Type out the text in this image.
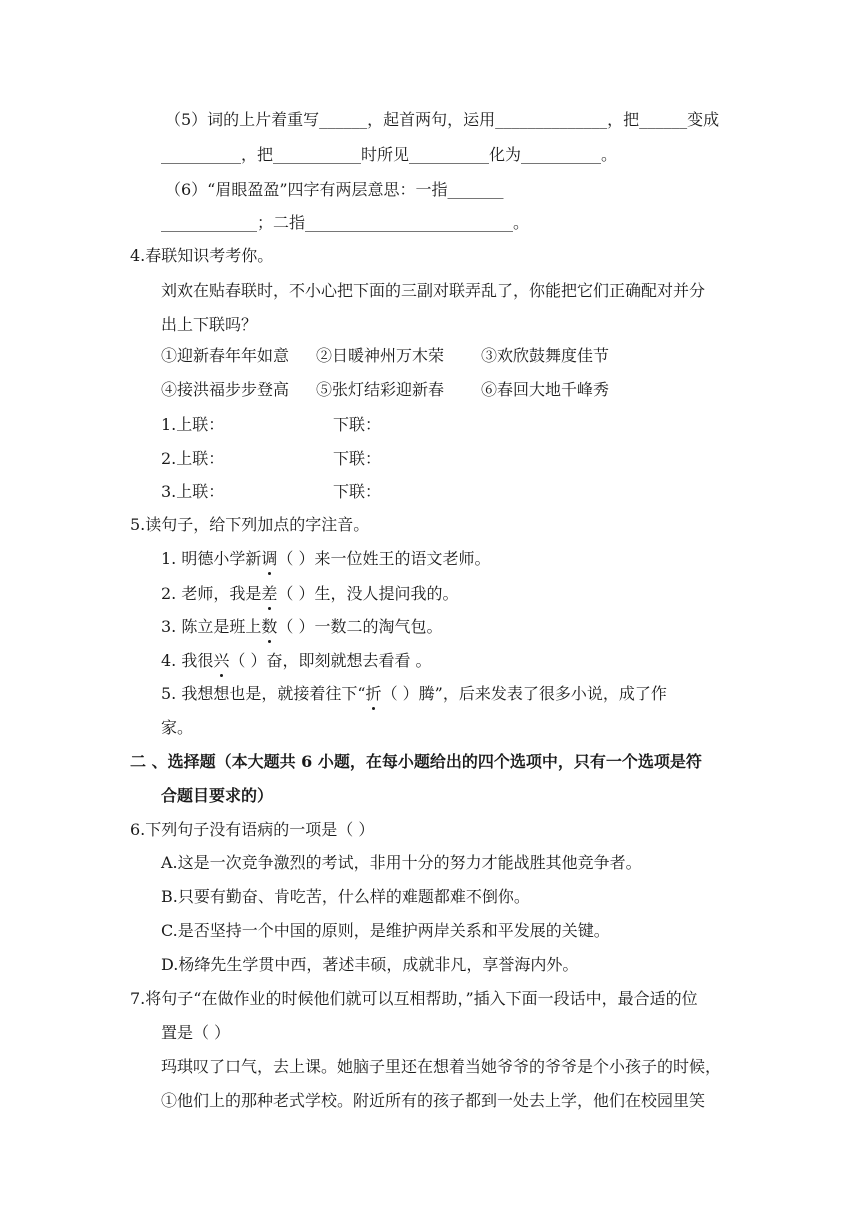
（5）词的上片着重写______，起首两句，运用______________，把______变成
__________，把___________时所见__________化为__________。
（6）“眉眼盈盈”四字有两层意思：一指_______
____________；二指__________________________。
4.春联知识考考你。
刘欢在贴春联时，不小心把下面的三副对联弄乱了，你能把它们正确配对并分
出上下联吗？
①迎新春年年如意 ②日暖神州万木荣 ③欢欣鼓舞度佳节
④接洪福步步登高 ⑤张灯结彩迎新春 ⑥春回大地千峰秀
1.上联：	下联：
2.上联：	下联：
3.上联：	下联：
5.读句子，给下列加点的字注音。
1. 明德小学新调（ ）来一位姓王的语文老师。
2. 老师，我是差（ ）生，没人提问我的。
3. 陈立是班上数（ ）一数二的淘气包。
4. 我很兴（ ）奋，即刻就想去看看 。
5. 我想想也是，就接着往下“折（ ）腾”，后来发表了很多小说，成了作
家。
二 、选择题（本大题共 6 小题，在每小题给出的四个选项中，只有一个选项是符
合题目要求的）
6.下列句子没有语病的一项是（ ）
A.这是一次竞争激烈的考试，非用十分的努力才能战胜其他竞争者。
B.只要有勤奋、肯吃苦，什么样的难题都难不倒你。
C.是否坚持一个中国的原则，是维护两岸关系和平发展的关键。
D.杨绛先生学贯中西，著述丰硕，成就非凡，享誉海内外。
7.将句子“在做作业的时候他们就可以互相帮助，”插入下面一段话中，最合适的位
置是（ ）
玛琪叹了口气，去上课。她脑子里还在想着当她爷爷的爷爷是个小孩子的时候，
①他们上的那种老式学校。附近所有的孩子都到一处去上学，他们在校园里笑
